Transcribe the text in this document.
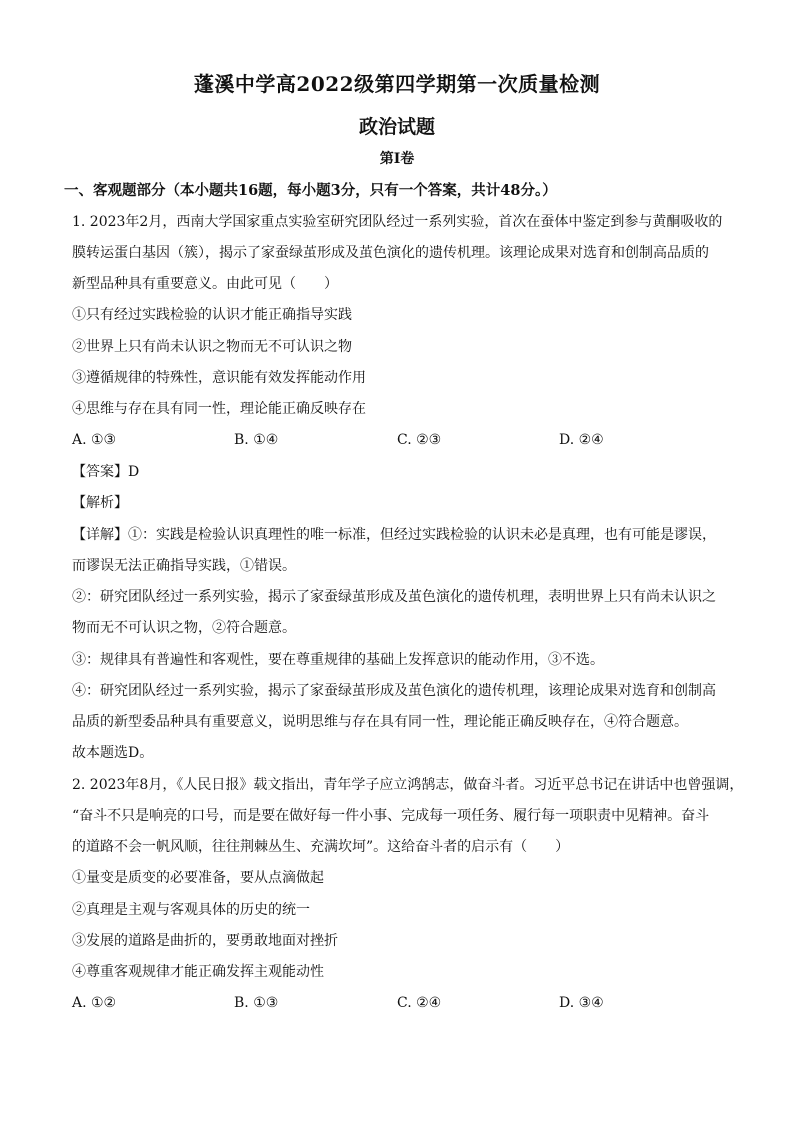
蓬溪中学高2022级第四学期第一次质量检测
政治试题
第Ⅰ卷
一、客观题部分（本小题共16题，每小题3分，只有一个答案，共计48分。）
1. 2023年2月，西南大学国家重点实验室研究团队经过一系列实验，首次在蚕体中鉴定到参与黄酮吸收的
膜转运蛋白基因（簇），揭示了家蚕绿茧形成及茧色演化的遗传机理。该理论成果对选育和创制高品质的
新型品种具有重要意义。由此可见（　　）
①只有经过实践检验的认识才能正确指导实践
②世界上只有尚未认识之物而无不可认识之物
③遵循规律的特殊性，意识能有效发挥能动作用
④思维与存在具有同一性，理论能正确反映存在
A. ①③	B. ①④	C. ②③	D. ②④
【答案】D
【解析】
【详解】①：实践是检验认识真理性的唯一标准，但经过实践检验的认识未必是真理，也有可能是谬误，
而谬误无法正确指导实践，①错误。
②：研究团队经过一系列实验，揭示了家蚕绿茧形成及茧色演化的遗传机理，表明世界上只有尚未认识之
物而无不可认识之物，②符合题意。
③：规律具有普遍性和客观性，要在尊重规律的基础上发挥意识的能动作用，③不选。
④：研究团队经过一系列实验，揭示了家蚕绿茧形成及茧色演化的遗传机理，该理论成果对选育和创制高
品质的新型委品种具有重要意义，说明思维与存在具有同一性，理论能正确反映存在，④符合题意。
故本题选D。
2. 2023年8月，《人民日报》载文指出，青年学子应立鸿鹄志，做奋斗者。习近平总书记在讲话中也曾强调，
“奋斗不只是响亮的口号，而是要在做好每一件小事、完成每一项任务、履行每一项职责中见精神。奋斗
的道路不会一帆风顺，往往荆棘丛生、充满坎坷”。这给奋斗者的启示有（　　）
①量变是质变的必要准备，要从点滴做起
②真理是主观与客观具体的历史的统一
③发展的道路是曲折的，要勇敢地面对挫折
④尊重客观规律才能正确发挥主观能动性
A. ①②	B. ①③	C. ②④	D. ③④
